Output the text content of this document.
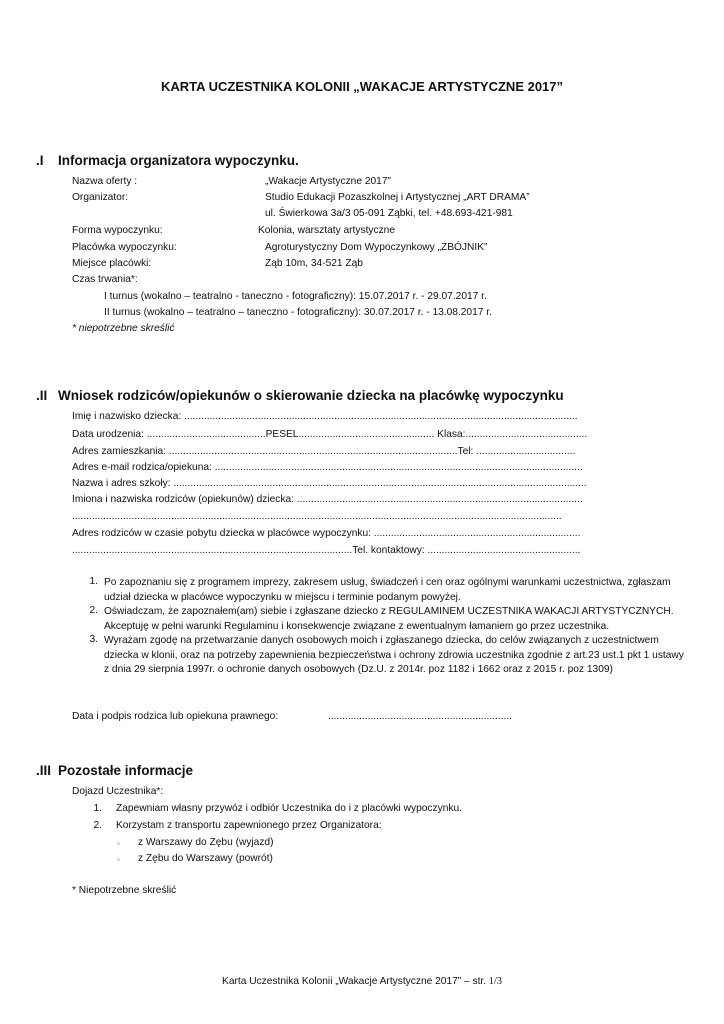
KARTA UCZESTNIKA KOLONII „WAKACJE ARTYSTYCZNE 2017”
.I Informacja organizatora wypoczynku.
Nazwa oferty :	„Wakacje Artystyczne 2017”
Organizator:	Studio Edukacji Pozaszkolnej i Artystycznej „ART DRAMA”
ul. Świerkowa 3a/3 05-091 Ząbki, tel. +48.693-421-981
Forma wypoczynku:	Kolonia, warsztaty artystyczne
Placówka wypoczynku:	Agroturystyczny Dom Wypoczynkowy „ZBÓJNIK”
Miejsce placówki:	Ząb 10m, 34-521 Ząb
Czas trwania*:
I turnus (wokalno – teatralno - taneczno - fotograficzny): 15.07.2017 r. - 29.07.2017 r.
II turnus (wokalno – teatralno – taneczno - fotograficzny): 30.07.2017 r. - 13.08.2017 r.
* niepotrzebne skreślić
.II Wniosek rodziców/opiekunów o skierowanie dziecka na placówkę wypoczynku
Imię i nazwisko dziecka: ...........................................................................................................................................
Data urodzenia: ..........................................PESEL................................................ Klasa:...........................................
Adres zamieszkania: ......................................................................................................Tel: ...................................
Adres e-mail rodzica/opiekuna: ..................................................................................................................................
Nazwa i adres szkoły: ..................................................................................................................................................
Imiona i nazwiska rodziców (opiekunów) dziecka: .....................................................................................................
.............................................................................................................................................................................
Adres rodziców w czasie pobytu dziecka w placówce wypoczynku: .........................................................................
...................................................................................................Tel. kontaktowy: ......................................................
1. Po zapoznaniu się z programem imprezy, zakresem usług, świadczeń i cen oraz ogólnymi warunkami uczestnictwa, zgłaszam udział dziecka w placówce wypoczynku w miejscu i terminie podanym powyżej.
2. Oświadczam, że zapoznałem(am) siebie i zgłaszane dziecko z REGULAMINEM UCZESTNIKA WAKACJI ARTYSTYCZNYCH. Akceptuję w pełni warunki Regulaminu i konsekwencje związane z ewentualnym łamaniem go przez uczestnika.
3. Wyrażam zgodę na przetwarzanie danych osobowych moich i zgłaszanego dziecka, do celów związanych z uczestnictwem dziecka w klonii, oraz na potrzeby zapewnienia bezpieczeństwa i ochrony zdrowia uczestnika zgodnie z art.23 ust.1 pkt 1 ustawy z dnia 29 sierpnia 1997r. o ochronie danych osobowych (Dz.U. z 2014r. poz 1182 i 1662 oraz z 2015 r. poz 1309)
Data i podpis rodzica lub opiekuna prawnego:	.................................................................
.III Pozostałe informacje
Dojazd Uczestnika*:
1. Zapewniam własny przywóz i odbiór Uczestnika do i z placówki wypoczynku.
2. Korzystam z transportu zapewnionego przez Organizatora:
◦ z Warszawy do Zębu (wyjazd)
◦ z Zębu do Warszawy (powrót)
* Niepotrzebne skreślić
Karta Uczestnika Kolonii „Wakacje Artystyczne 2017” – str. 1/3
